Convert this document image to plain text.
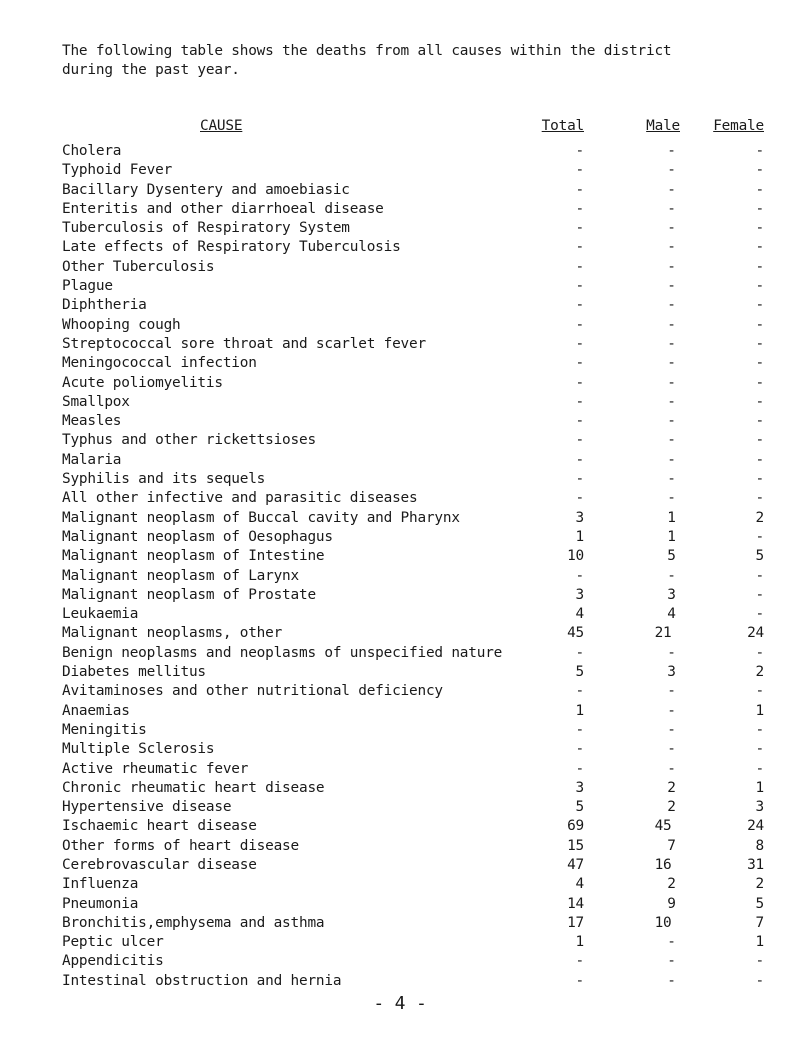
The following table shows the deaths from all causes within the district
during the past year.
CAUSE	Total	Male Female
Cholera	-	-	-
Typhoid Fever	-	-	-
Bacillary Dysentery and amoebiasic	-	-	-
Enteritis and other diarrhoeal disease	-	-	-
Tuberculosis of Respiratory System	-	-	-
Late effects of Respiratory Tuberculosis	-	-	-
Other Tuberculosis	-	-	-
Plague	-	-	-
Diphtheria	-	-	-
Whooping cough	-	-	-
Streptococcal sore throat and scarlet fever	-	-	-
Meningococcal infection	-	-	-
Acute poliomyelitis	-	-	-
Smallpox	-	-	-
Measles	-	-	-
Typhus and other rickettsioses	-	-	-
Malaria	-	-	-
Syphilis and its sequels	-	-	-
All other infective and parasitic diseases	-	-	-
Malignant neoplasm of Buccal cavity and Pharynx	3	1	2
Malignant neoplasm of Oesophagus	1	1	-
Malignant neoplasm of Intestine	10	5	5
Malignant neoplasm of Larynx	-	-	-
Malignant neoplasm of Prostate	3	3	-
Leukaemia	4	4	-
Malignant neoplasms, other	45	21	24
Benign neoplasms and neoplasms of unspecified nature	-	-	-
Diabetes mellitus	5	3	2
Avitaminoses and other nutritional deficiency	-	-	-
Anaemias	1	-	1
Meningitis	-	-	-
Multiple Sclerosis	-	-	-
Active rheumatic fever	-	-	-
Chronic rheumatic heart disease	3	2	1
Hypertensive disease	5	2	3
Ischaemic heart disease	69	45	24
Other forms of heart disease	15	7	8
Cerebrovascular disease	47	16	31
Influenza	4	2	2
Pneumonia	14	9	5
Bronchitis,emphysema and asthma	17	10	7
Peptic ulcer	1	-	1
Appendicitis	-	-	-
Intestinal obstruction and hernia	-	-	-
- 4 -
